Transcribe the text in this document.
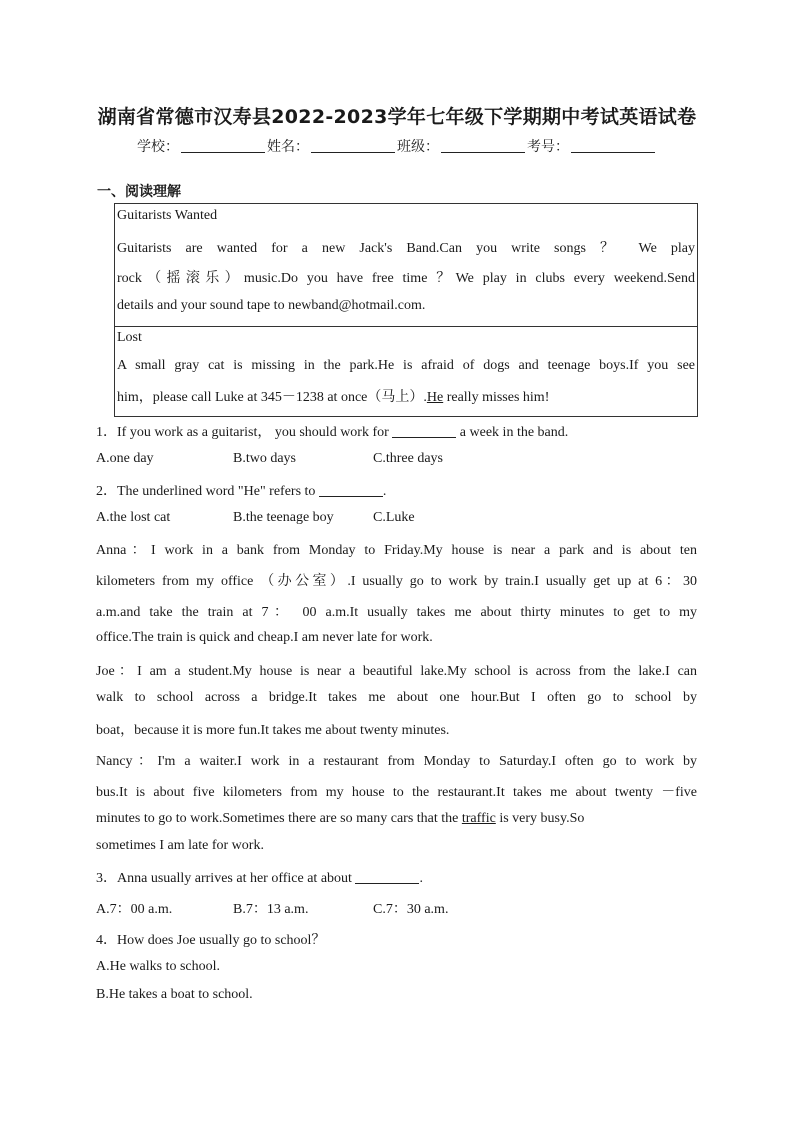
湖南省常德市汉寿县2022-2023学年七年级下学期期中考试英语试卷
学校：	姓名：	班级：	考号：
一、阅读理解
Guitarists Wanted
Guitarists are wanted for a new Jack's Band.Can you write songs ？ We play
rock（摇滚乐）music.Do you have free time ？We play in clubs every weekend.Send
details and your sound tape to newband@hotmail.com.
Lost
A small gray cat is missing in the park.He is afraid of dogs and teenage boys.If you see
him，please call Luke at 345－1238 at once（马上）.He really misses him!
1．If you work as a guitarist， you should work for	a week in the band.
A.one day	B.two days	C.three days
2．The underlined word "He" refers to	.
A.the lost cat	B.the teenage boy	C.Luke
Anna：I work in a bank from Monday to Friday.My house is near a park and is about ten
kilometers from my office （办公室）.I usually go to work by train.I usually get up at 6：30
a.m.and take the train at 7： 00 a.m.It usually takes me about thirty minutes to get to my
office.The train is quick and cheap.I am never late for work.
Joe：I am a student.My house is near a beautiful lake.My school is across from the lake.I can
walk to school across a bridge.It takes me about one hour.But I often go to school by
boat，because it is more fun.It takes me about twenty minutes.
Nancy：I'm a waiter.I work in a restaurant from Monday to Saturday.I often go to work by
bus.It is about five kilometers from my house to the restaurant.It takes me about twenty －five
minutes to go to work.Sometimes there are so many cars that the traffic is very busy.So
sometimes I am late for work.
3．Anna usually arrives at her office at about	.
A.7：00 a.m.	B.7：13 a.m.	C.7：30 a.m.
4．How does Joe usually go to school？
A.He walks to school.
B.He takes a boat to school.
